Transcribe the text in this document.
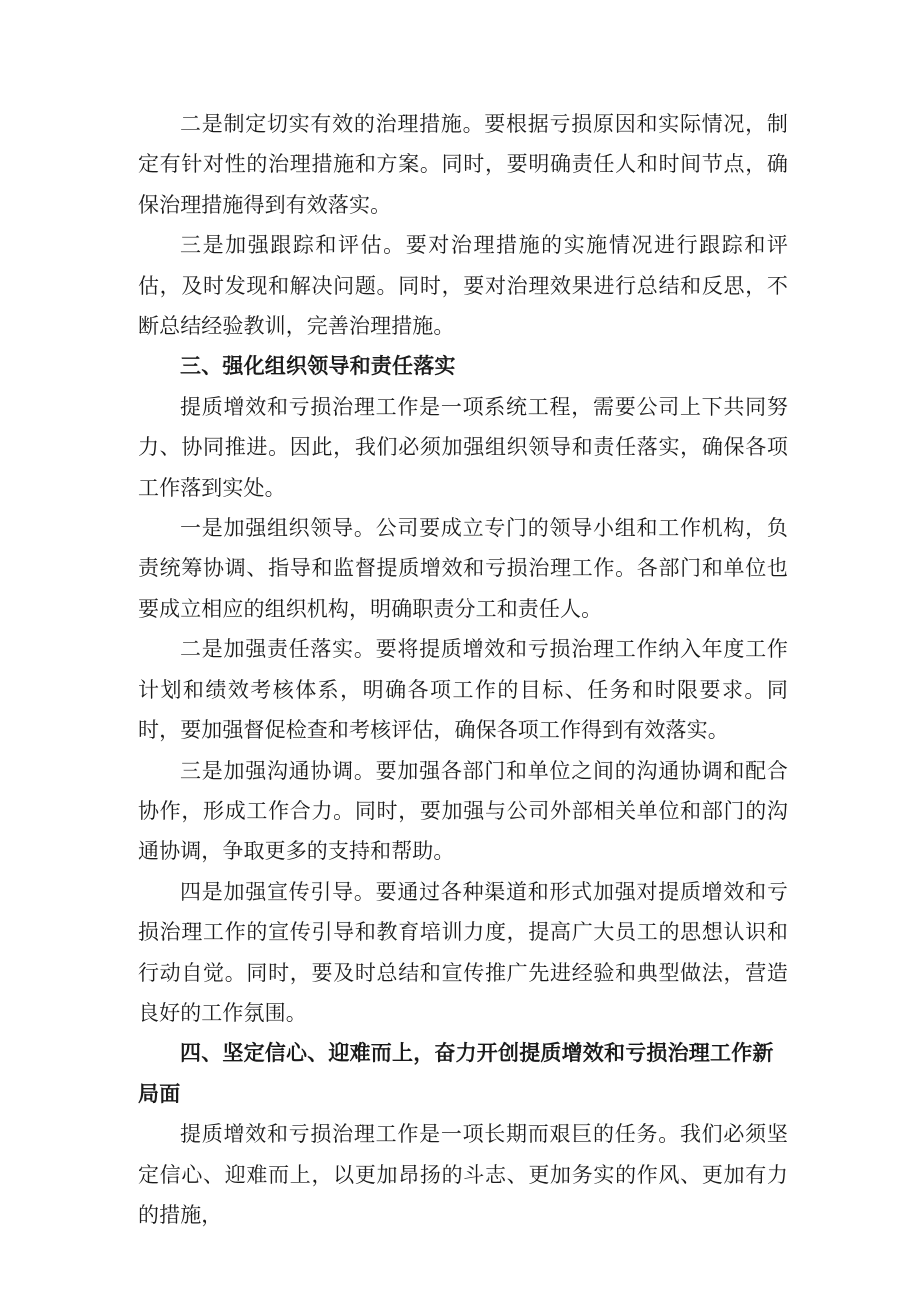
二是制定切实有效的治理措施。要根据亏损原因和实际情况，制定有针对性的治理措施和方案。同时，要明确责任人和时间节点，确保治理措施得到有效落实。

三是加强跟踪和评估。要对治理措施的实施情况进行跟踪和评估，及时发现和解决问题。同时，要对治理效果进行总结和反思，不断总结经验教训，完善治理措施。

三、强化组织领导和责任落实

提质增效和亏损治理工作是一项系统工程，需要公司上下共同努力、协同推进。因此，我们必须加强组织领导和责任落实，确保各项工作落到实处。

一是加强组织领导。公司要成立专门的领导小组和工作机构，负责统筹协调、指导和监督提质增效和亏损治理工作。各部门和单位也要成立相应的组织机构，明确职责分工和责任人。

二是加强责任落实。要将提质增效和亏损治理工作纳入年度工作计划和绩效考核体系，明确各项工作的目标、任务和时限要求。同时，要加强督促检查和考核评估，确保各项工作得到有效落实。

三是加强沟通协调。要加强各部门和单位之间的沟通协调和配合协作，形成工作合力。同时，要加强与公司外部相关单位和部门的沟通协调，争取更多的支持和帮助。

四是加强宣传引导。要通过各种渠道和形式加强对提质增效和亏损治理工作的宣传引导和教育培训力度，提高广大员工的思想认识和行动自觉。同时，要及时总结和宣传推广先进经验和典型做法，营造良好的工作氛围。

四、坚定信心、迎难而上，奋力开创提质增效和亏损治理工作新局面

提质增效和亏损治理工作是一项长期而艰巨的任务。我们必须坚定信心、迎难而上，以更加昂扬的斗志、更加务实的作风、更加有力的措施，
